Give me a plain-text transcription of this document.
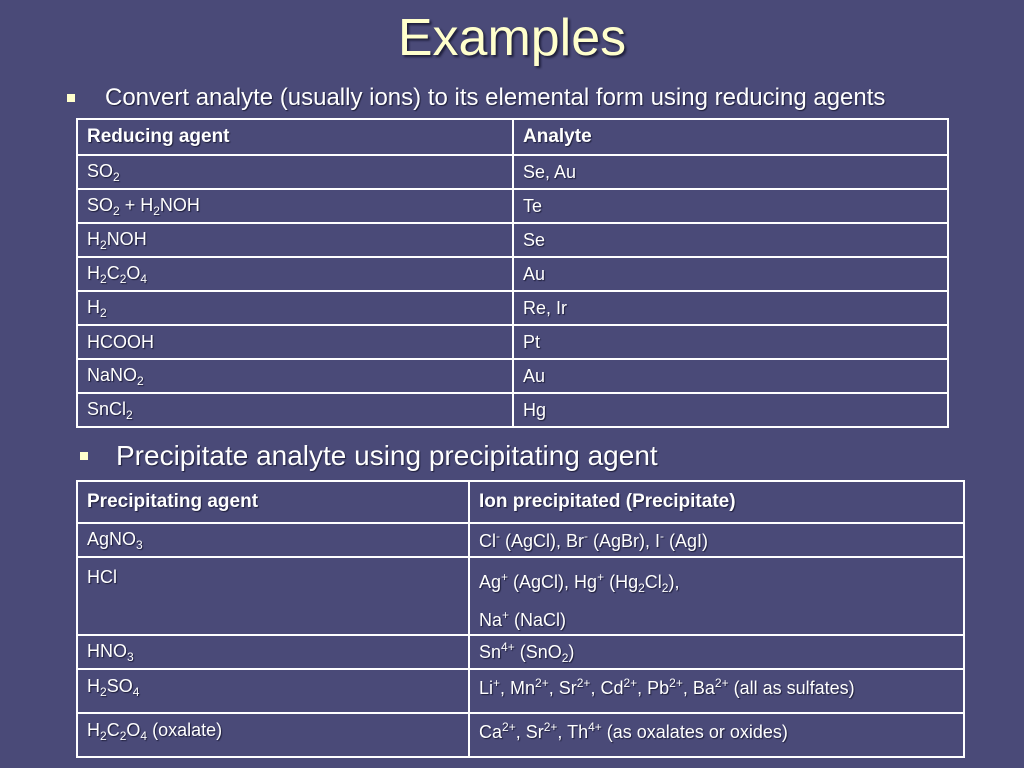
Examples
Convert analyte (usually ions) to its elemental form using reducing agents
Reducing agent	Analyte
$SO_2$	Se, Au
$SO_2 + H_2NOH$	Te
$H_2NOH$	Se
$H_2C_2O_4$	Au
$H_2$	Re, Ir
HCOOH	Pt
NaNO$_2$	Au
SnCl$_2$	Hg
Precipitate analyte using precipitating agent
Precipitating agent	Ion precipitated (Precipitate)
AgNO$_3$	Cl- (AgCl), Br- (AgBr), I- (AgI)
HCl	Ag+ (AgCl), Hg+ $(Hg_2Cl_2)$,
Na+ (NaCl)
$HNO_3$	$Sn^{4+}$ (SnO$_2$)
$H_2SO_4$	Li+, $Mn^{2+}$, $Sr^{2+}$, $Cd^{2+}$, $Pb^{2+}$, $Ba^{2+}$ (all as sulfates)
$H_2C_2O_4$ (oxalate)	$Ca^{2+}$, $Sr^{2+}$, $Th^{4+}$ (as oxalates or oxides)
